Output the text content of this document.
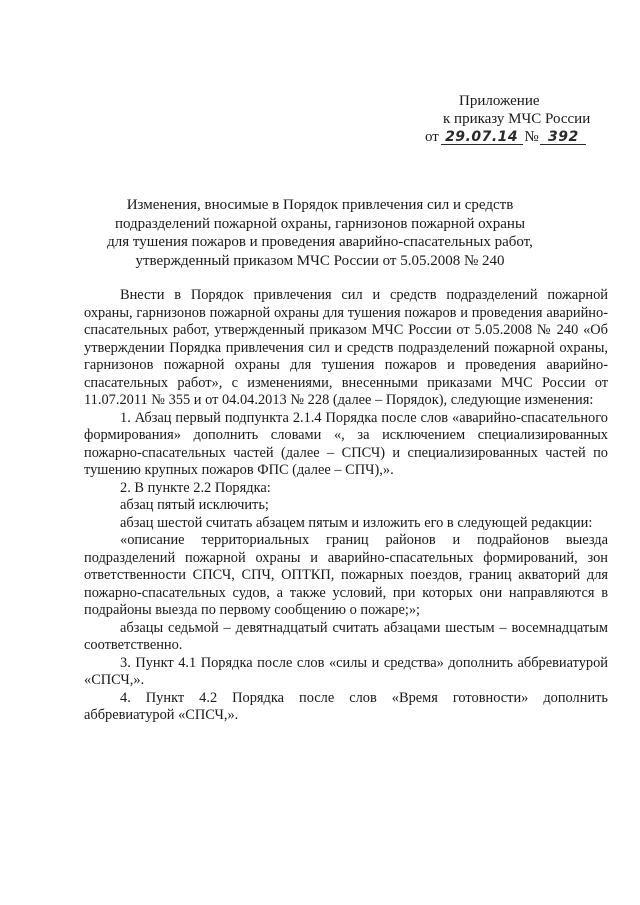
Приложение
к приказу МЧС России
от 29.07.14 № 392
Изменения, вносимые в Порядок привлечения сил и средств
подразделений пожарной охраны, гарнизонов пожарной охраны
для тушения пожаров и проведения аварийно-спасательных работ,
утвержденный приказом МЧС России от 5.05.2008 № 240

Внести в Порядок привлечения сил и средств подразделений пожарной охраны, гарнизонов пожарной охраны для тушения пожаров и проведения аварийно-спасательных работ, утвержденный приказом МЧС России от 5.05.2008 № 240 «Об утверждении Порядка привлечения сил и средств подразделений пожарной охраны, гарнизонов пожарной охраны для тушения пожаров и проведения аварийно-спасательных работ», с изменениями, внесенными приказами МЧС России от 11.07.2011 № 355 и от 04.04.2013 № 228 (далее – Порядок), следующие изменения:

1. Абзац первый подпункта 2.1.4 Порядка после слов «аварийно-спасательного формирования» дополнить словами «, за исключением специализированных пожарно-спасательных частей (далее – СПСЧ) и специализированных частей по тушению крупных пожаров ФПС (далее – СПЧ),».

2. В пункте 2.2 Порядка:

абзац пятый исключить;

абзац шестой считать абзацем пятым и изложить его в следующей редакции:

«описание территориальных границ районов и подрайонов выезда подразделений пожарной охраны и аварийно-спасательных формирований, зон ответственности СПСЧ, СПЧ, ОПТКП, пожарных поездов, границ акваторий для пожарно-спасательных судов, а также условий, при которых они направляются в подрайоны выезда по первому сообщению о пожаре;»;

абзацы седьмой – девятнадцатый считать абзацами шестым – восемнадцатым соответственно.

3. Пункт 4.1 Порядка после слов «силы и средства» дополнить аббревиатурой «СПСЧ,».

4. Пункт 4.2 Порядка после слов «Время готовности» дополнить аббревиатурой «СПСЧ,».
